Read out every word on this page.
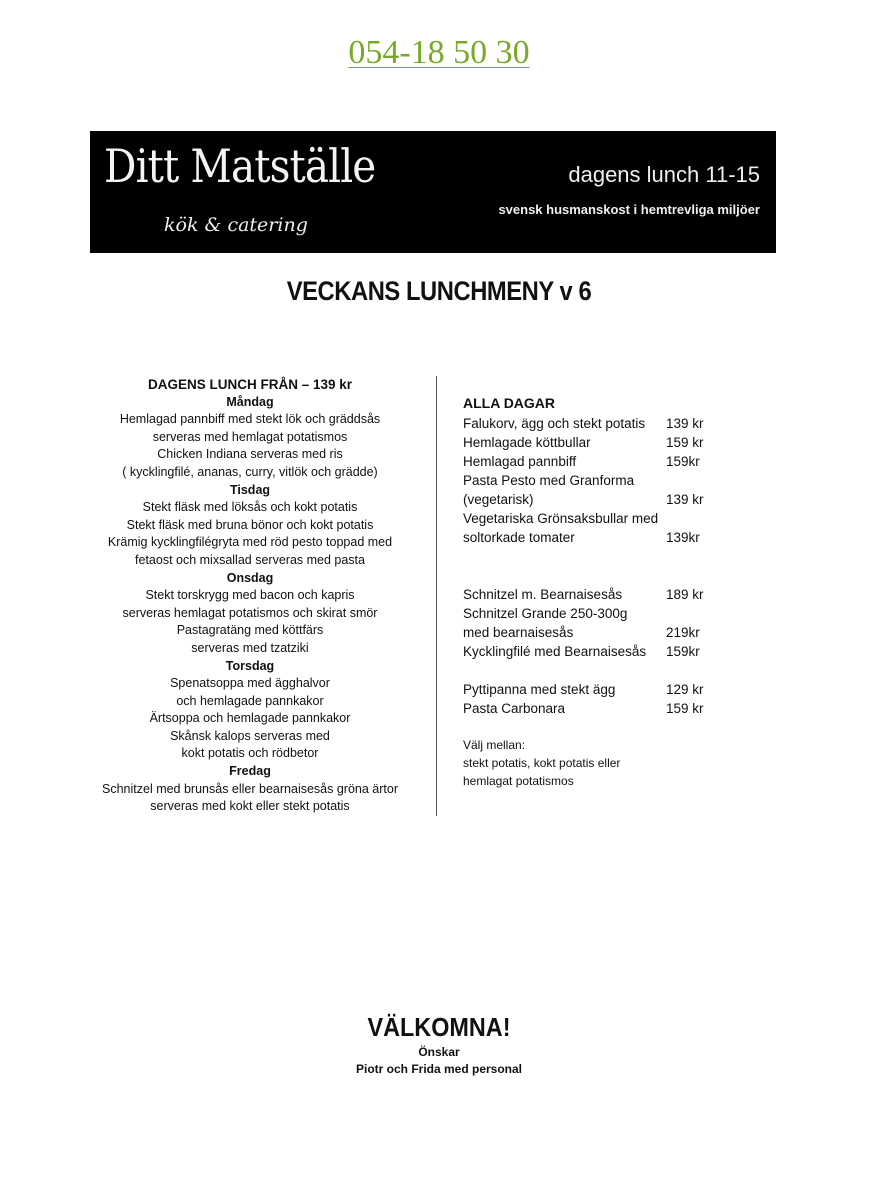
054-18 50 30
Ditt Matställe
kök & catering
dagens lunch 11-15
svensk husmanskost i hemtrevliga miljöer
VECKANS LUNCHMENY v 6
DAGENS LUNCH FRÅN – 139 kr
Måndag
Hemlagad pannbiff med stekt lök och gräddsås
serveras med hemlagat potatismos
Chicken Indiana serveras med ris
( kycklingfilé, ananas, curry, vitlök och grädde)
Tisdag
Stekt fläsk med löksås och kokt potatis
Stekt fläsk med bruna bönor och kokt potatis
Krämig kycklingfilégryta med röd pesto toppad med
fetaost och mixsallad serveras med pasta
Onsdag
Stekt torskrygg med bacon och kapris
serveras hemlagat potatismos och skirat smör
Pastagratäng med köttfärs
serveras med tzatziki
Torsdag
Spenatsoppa med ägghalvor
och hemlagade pannkakor
Ärtsoppa och hemlagade pannkakor
Skånsk kalops serveras med
kokt potatis och rödbetor
Fredag
Schnitzel med brunsås eller bearnaisesås gröna ärtor
serveras med kokt eller stekt potatis
ALLA DAGAR
Falukorv, ägg och stekt potatis 139 kr
Hemlagade köttbullar	159 kr
Hemlagad pannbiff	159kr
Pasta Pesto med Granforma
(vegetarisk)	139 kr
Vegetariska Grönsaksbullar med
soltorkade tomater	139kr
Schnitzel m. Bearnaisesås	189 kr
Schnitzel Grande 250-300g
med bearnaisesås	219kr
Kycklingfilé med Bearnaisesås 159kr
Pyttipanna med stekt ägg	129 kr
Pasta Carbonara	159 kr
Välj mellan:
stekt potatis, kokt potatis eller
hemlagat potatismos
VÄLKOMNA!
Önskar
Piotr och Frida med personal
